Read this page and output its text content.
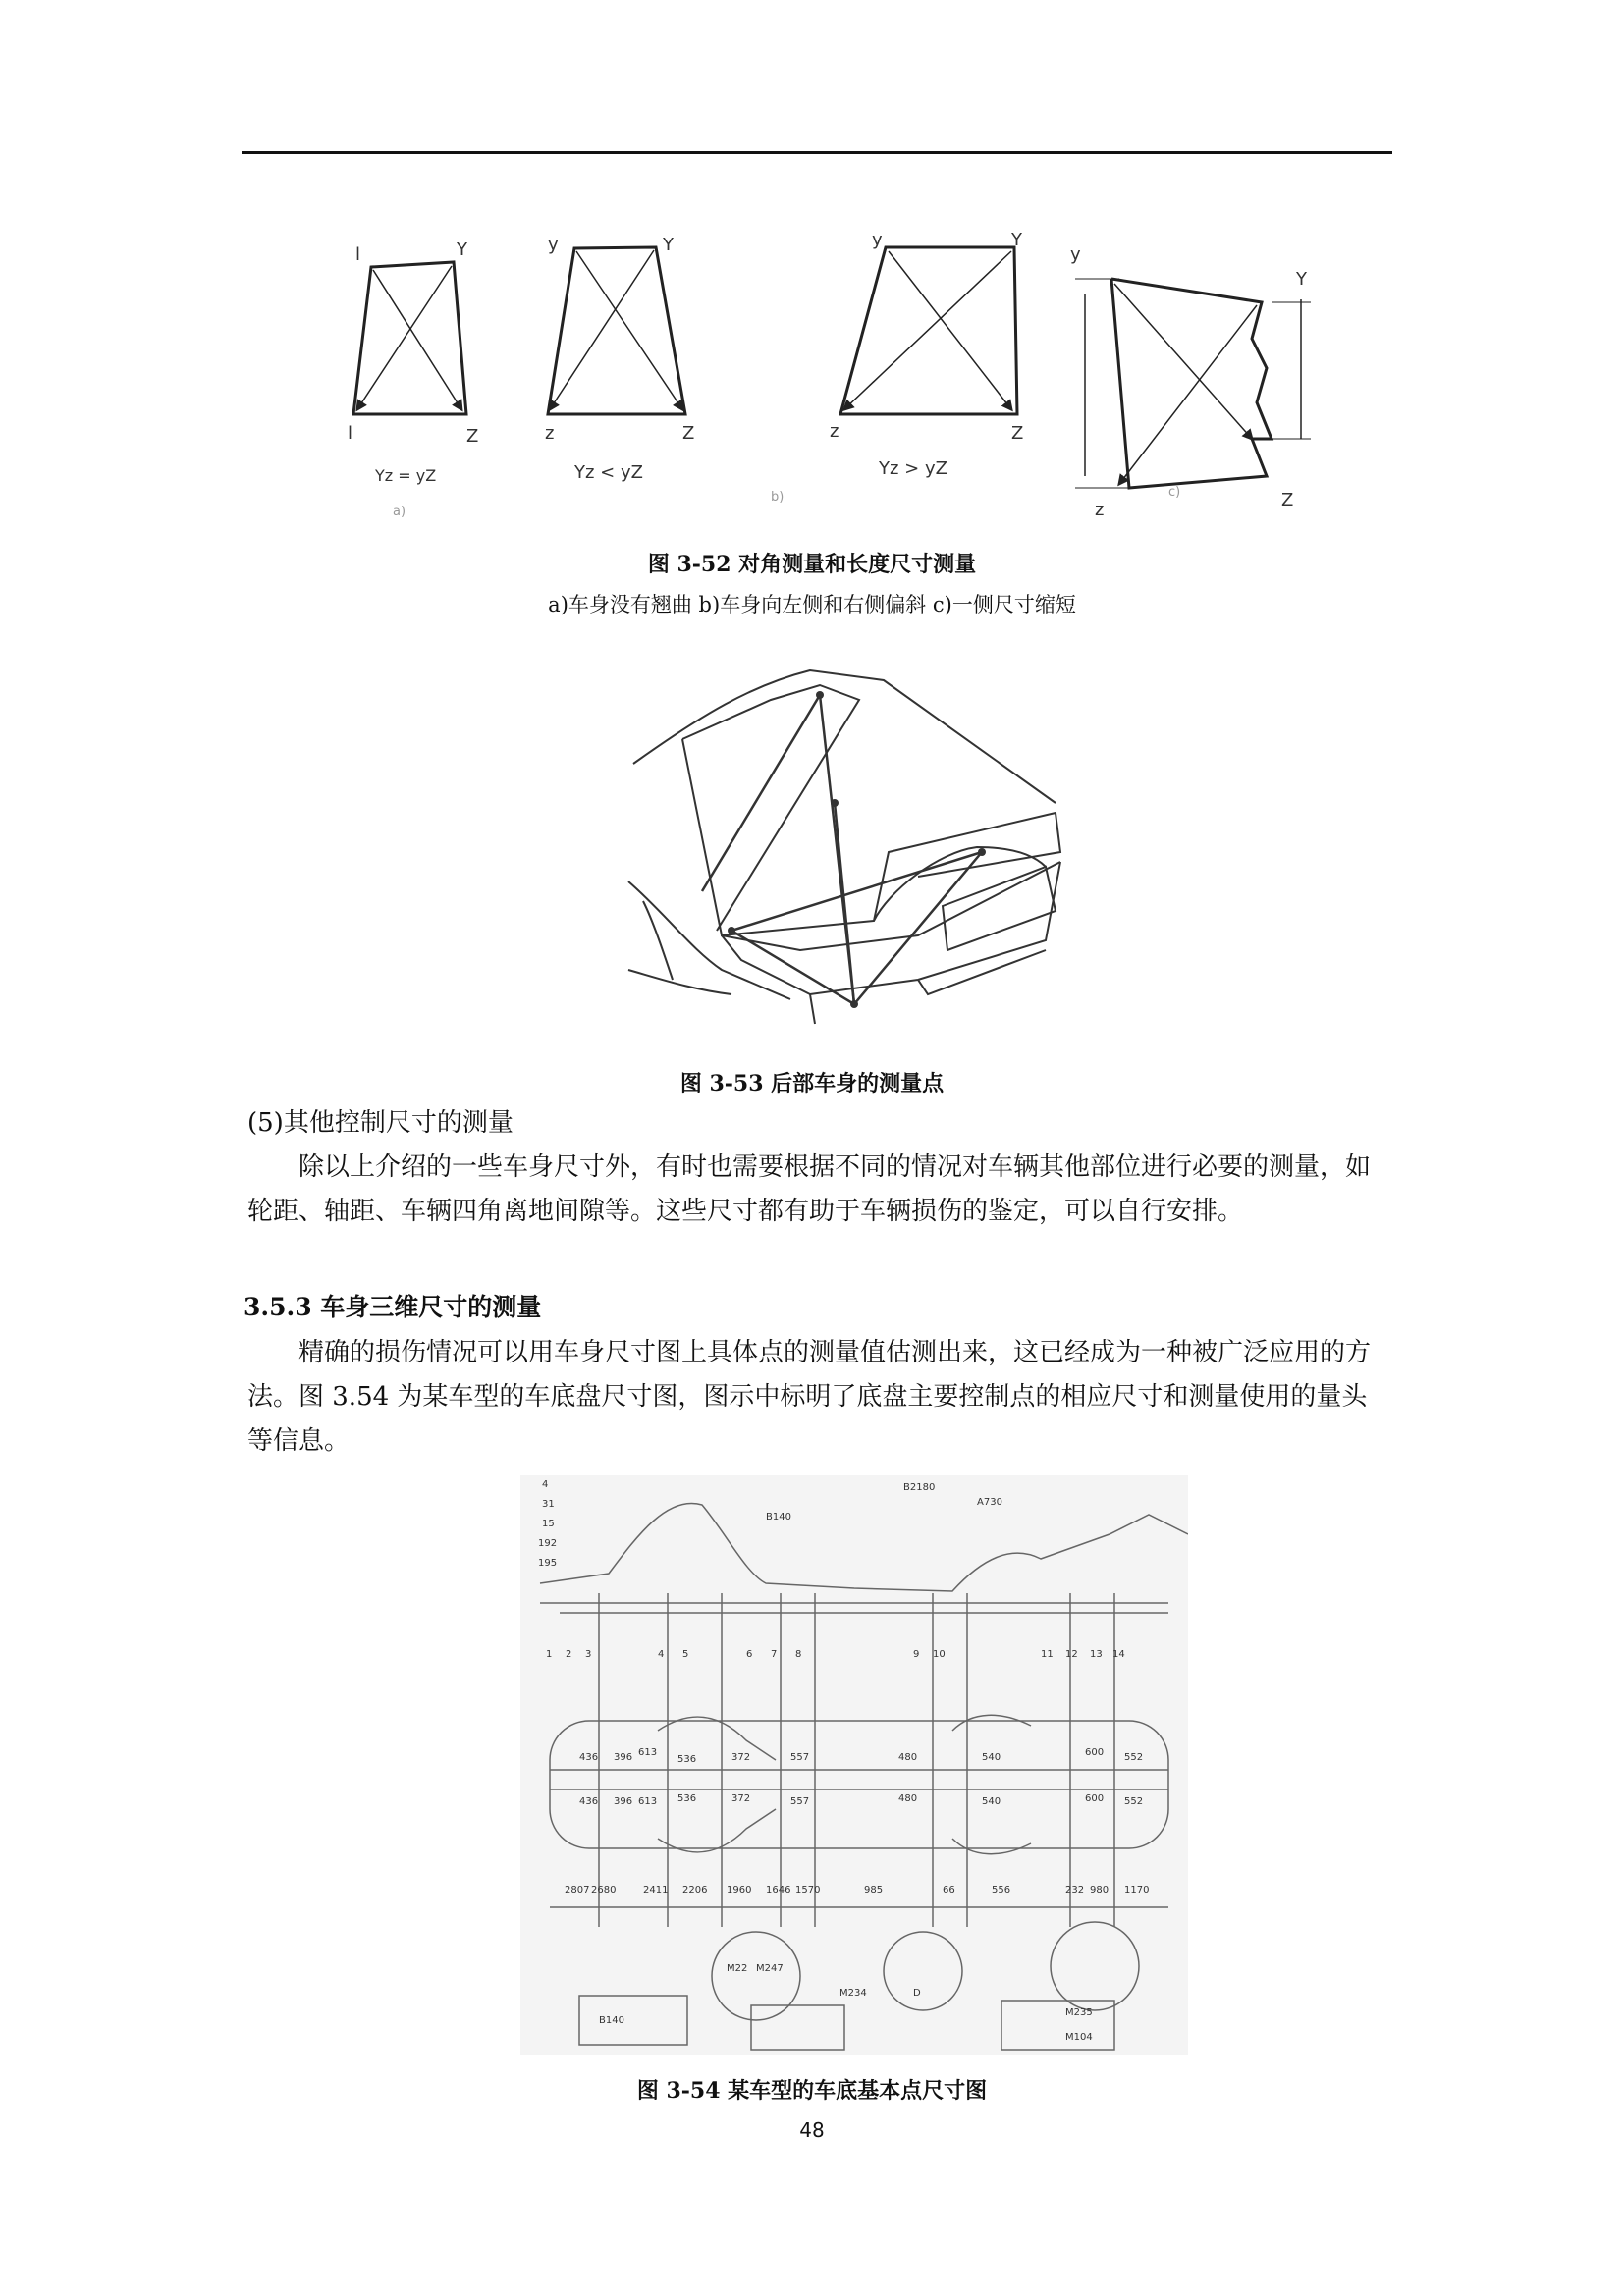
l	Y
l	Z
Yz = yZ
a)
y	Y
z	Z
Yz < yZ
b)
y	Y
z	Z
Yz > yZ
y
Y
z	Z
c)
图 3-52 对角测量和长度尺寸测量
a)车身没有翘曲 b)车身向左侧和右侧偏斜 c)一侧尺寸缩短
图 3-53 后部车身的测量点
(5)其他控制尺寸的测量
除以上介绍的一些车身尺寸外，有时也需要根据不同的情况对车辆其他部位进行必要的测量，如轮距、轴距、车辆四角离地间隙等。这些尺寸都有助于车辆损伤的鉴定，可以自行安排。
3.5.3 车身三维尺寸的测量
精确的损伤情况可以用车身尺寸图上具体点的测量值估测出来，这已经成为一种被广泛应用的方法。图 3.54 为某车型的车底盘尺寸图，图示中标明了底盘主要控制点的相应尺寸和测量使用的量头等信息。
B2180
A730
B140
4
31
15
192
195
1 2 3	4 5	6 7 8	9 10	11 12 13 14
436 396 613
536	372	557	480	540	600 552
436 396 613 536	372	557	480	540	600 552
2807 2680	2411 2206 1960 1646 1570	985	66	556	232 980 1170
M22 M247
M234
B140
M104
M235
D
图 3-54 某车型的车底基本点尺寸图
48
